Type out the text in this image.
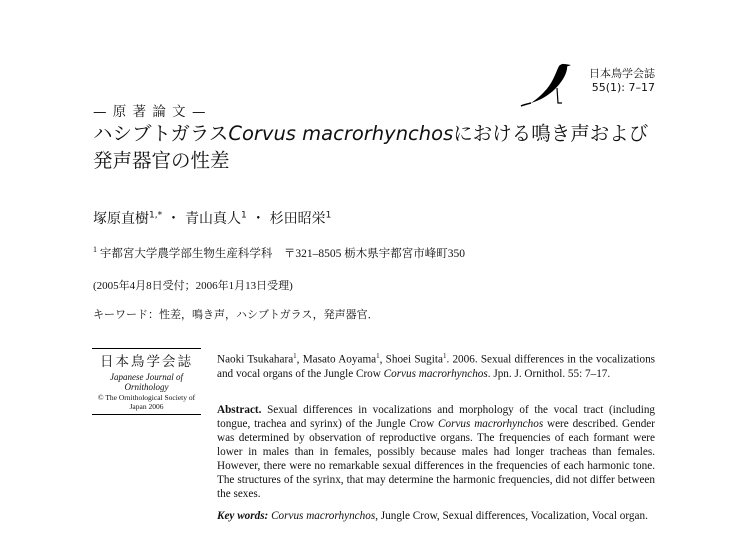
日本鳥学会誌
55(1): 7–17
— 原 著 論 文 —
ハシブトガラスCorvus macrorhynchosにおける鳴き声および
発声器官の性差
塚原直樹$^{1,*}$ ・ 青山真人$^1$ ・ 杉田昭栄$^1$
$^1$ 宇都宮大学農学部生物生産科学科　〒321–8505 栃木県宇都宮市峰町350
(2005年4月8日受付；2006年1月13日受理)
キーワード：性差，鳴き声，ハシブトガラス，発声器官．
日本鳥学会誌
Japanese Journal of Ornithology
© The Ornithological Society of Japan 2006
Naoki Tsukahara$^1$, Masato Aoyama$^1$, Shoei Sugita$^1$. 2006. Sexual differences in the vocalizations and vocal organs of the Jungle Crow Corvus macrorhynchos. Jpn. J. Ornithol. 55: 7–17.
Abstract. Sexual differences in vocalizations and morphology of the vocal tract (including tongue, trachea and syrinx) of the Jungle Crow Corvus macrorhynchos were described. Gender was determined by observation of reproductive organs. The frequencies of each formant were lower in males than in females, possibly because males had longer tracheas than females. However, there were no remarkable sexual differences in the frequencies of each harmonic tone. The structures of the syrinx, that may determine the harmonic frequencies, did not differ between the sexes.
Key words: Corvus macrorhynchos, Jungle Crow, Sexual differences, Vocalization, Vocal organ.
